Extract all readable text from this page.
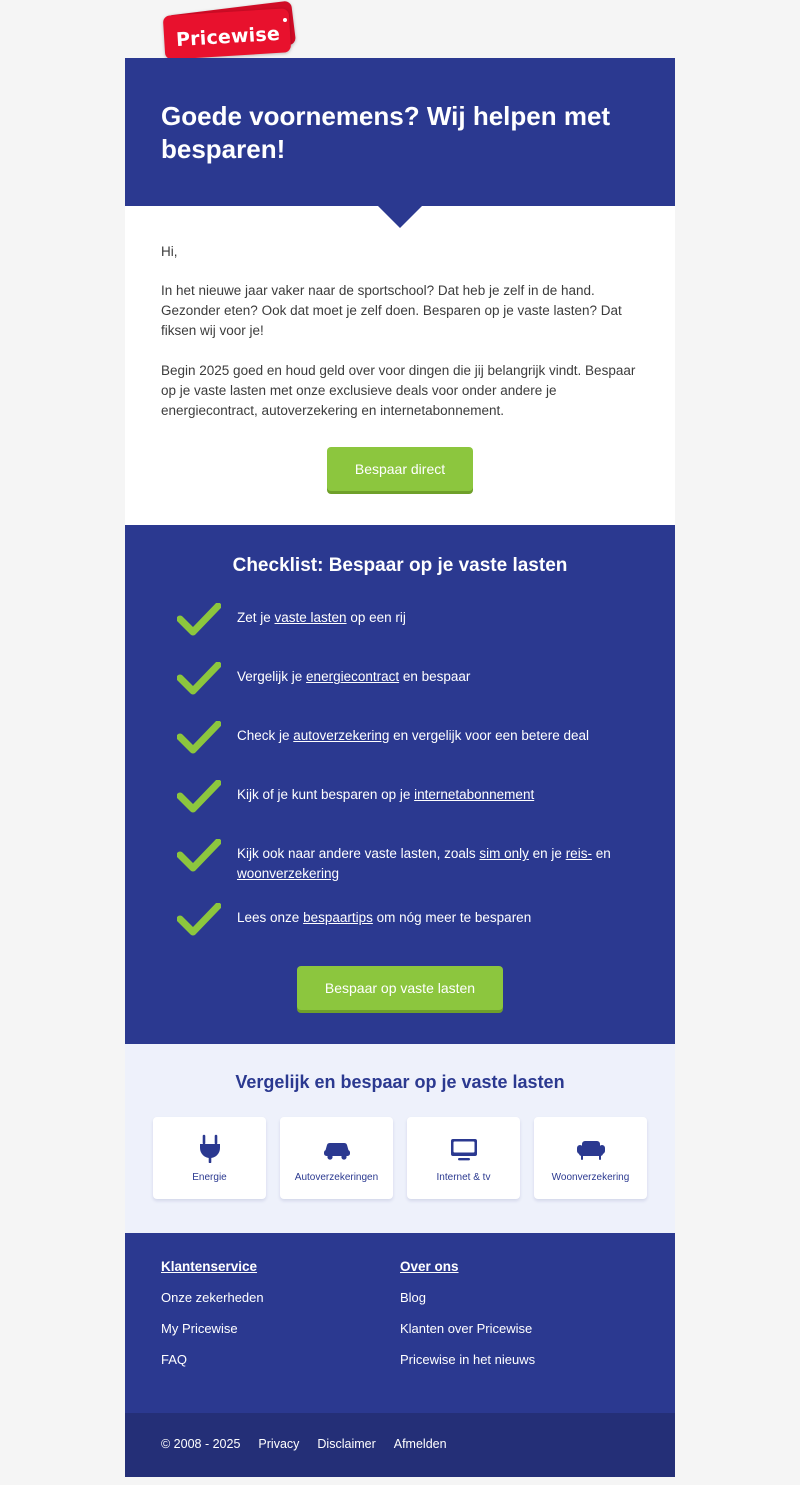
Pricewise
Goede voornemens? Wij helpen met besparen!

Hi,

In het nieuwe jaar vaker naar de sportschool? Dat heb je zelf in de hand. Gezonder eten? Ook dat moet je zelf doen. Besparen op je vaste lasten? Dat fiksen wij voor je!

Begin 2025 goed en houd geld over voor dingen die jij belangrijk vindt. Bespaar op je vaste lasten met onze exclusieve deals voor onder andere je energiecontract, autoverzekering en internetabonnement.

Bespaar direct
Checklist: Bespaar op je vaste lasten
Zet je vaste lasten op een rij
Vergelijk je energiecontract en bespaar
Check je autoverzekering en vergelijk voor een betere deal
Kijk of je kunt besparen op je internetabonnement
Kijk ook naar andere vaste lasten, zoals sim only en je reis- en woonverzekering
Lees onze bespaartips om nóg meer te besparen
Bespaar op vaste lasten
Vergelijk en bespaar op je vaste lasten
Energie	Autoverzekeringen	Internet & tv	Woonverzekering
Klantenservice
Onze zekerheden
My Pricewise
FAQ
Over ons
Blog
Klanten over Pricewise
Pricewise in het nieuws
© 2008 - 2025 Privacy Disclaimer Afmelden
